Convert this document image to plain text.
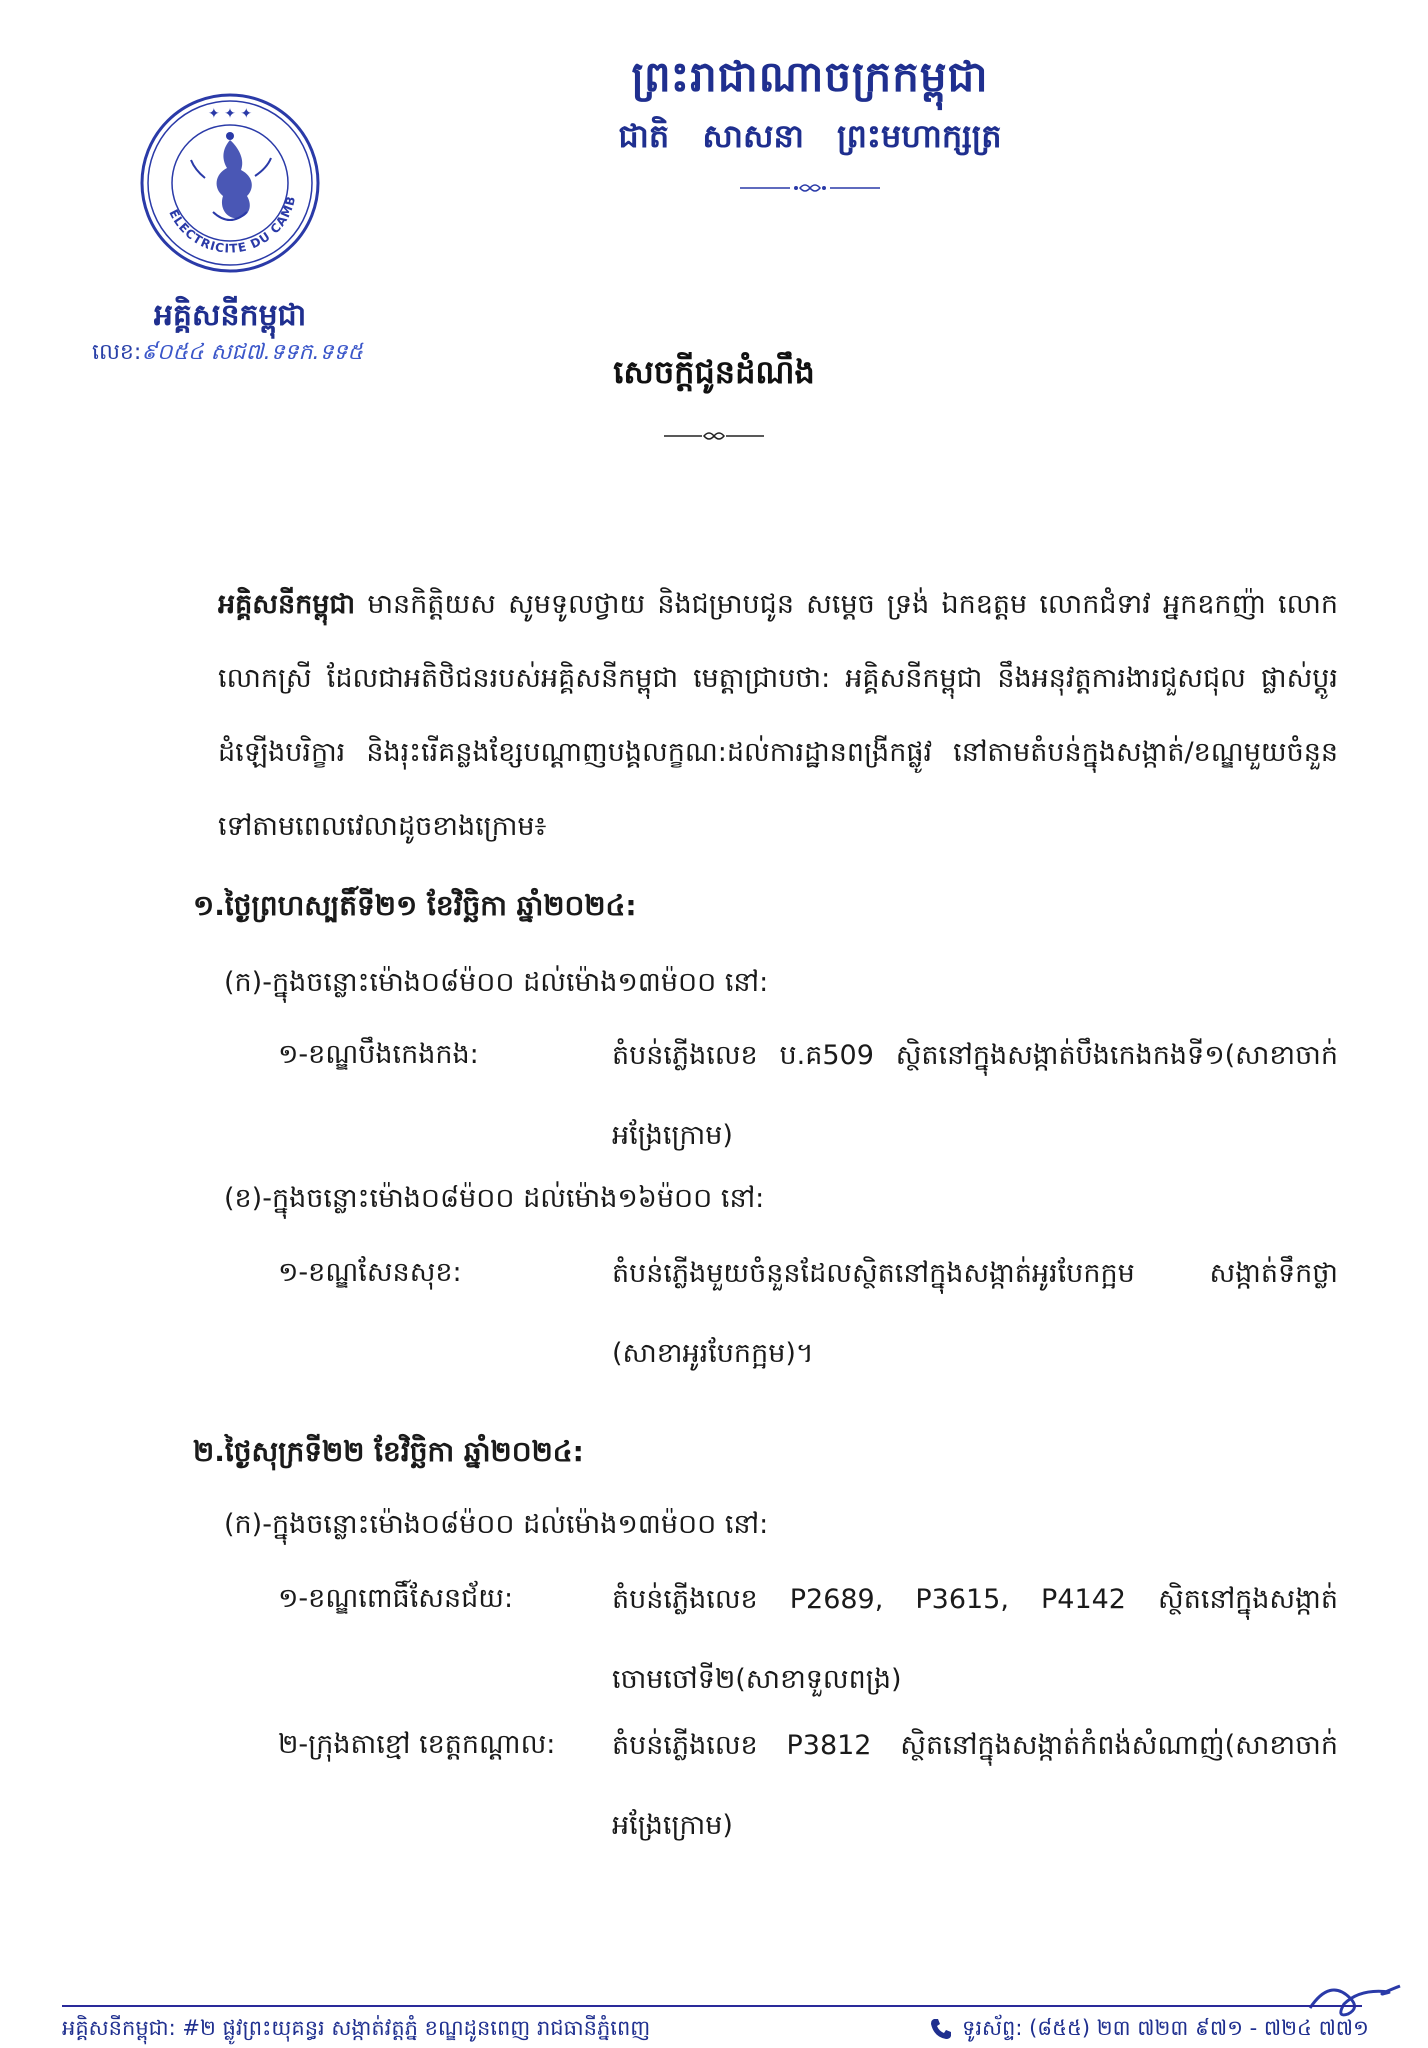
ELECTRICITE DU CAMB
✦ ✦ ✦
អគ្គិសនីកម្ពុជា
លេខ:៩០៥៤ សជ៧.ទទក.ទទ៥
ព្រះរាជាណាចក្រកម្ពុជា
ជាតិ សាសនា ព្រះមហាក្សត្រ
សេចក្តីជូនដំណឹង
អគ្គិសនីកម្ពុជា មានកិត្តិយស សូមទូលថ្វាយ និងជម្រាបជូន សម្តេច ទ្រង់ ឯកឧត្តម លោកជំទាវ អ្នកឧកញ៉ា លោក លោកស្រី ដែលជាអតិថិជនរបស់អគ្គិសនីកម្ពុជា មេត្តាជ្រាបថា: អគ្គិសនីកម្ពុជា នឹងអនុវត្តការងារជួសជុល ផ្លាស់ប្តូរដំឡើងបរិក្ខារ និងរុះរើគន្លងខ្សែបណ្តាញបង្គលក្ខណ:ដល់ការដ្ឋានពង្រីកផ្លូវ នៅតាមតំបន់ក្នុងសង្កាត់/ខណ្ឌមួយចំនួនទៅតាមពេលវេលាដូចខាងក្រោម៖
១.ថ្ងៃព្រហស្បតិ៍ទី២១ ខែវិច្ឆិកា ឆ្នាំ២០២៤:
(ក)-ក្នុងចន្លោះម៉ោង០៨ម៉០០ ដល់ម៉ោង១៣ម៉០០ នៅ:
១-ខណ្ឌបឹងកេងកង:	តំបន់ភ្លើងលេខ ប.គ509 ស្ថិតនៅក្នុងសង្កាត់បឹងកេងកងទី១(សាខាចាក់អង្រែក្រោម)
(ខ)-ក្នុងចន្លោះម៉ោង០៨ម៉០០ ដល់ម៉ោង១៦ម៉០០ នៅ:
១-ខណ្ឌសែនសុខ:	តំបន់ភ្លើងមួយចំនួនដែលស្ថិតនៅក្នុងសង្កាត់អូរបែកក្អម សង្កាត់ទឹកថ្លា (សាខាអូរបែកក្អម)។
២.ថ្ងៃសុក្រទី២២ ខែវិច្ឆិកា ឆ្នាំ២០២៤:
(ក)-ក្នុងចន្លោះម៉ោង០៨ម៉០០ ដល់ម៉ោង១៣ម៉០០ នៅ:
១-ខណ្ឌពោធិ៍សែនជ័យ:	តំបន់ភ្លើងលេខ P2689, P3615, P4142 ស្ថិតនៅក្នុងសង្កាត់ចោមចៅទី២(សាខាទួលពង្រ)
២-ក្រុងតាខ្មៅ ខេត្តកណ្តាល: តំបន់ភ្លើងលេខ P3812 ស្ថិតនៅក្នុងសង្កាត់កំពង់សំណាញ់(សាខាចាក់អង្រែក្រោម)
អគ្គិសនីកម្ពុជា: #២ ផ្លូវព្រះយុគន្ធរ សង្កាត់វត្តភ្នំ ខណ្ឌដូនពេញ រាជធានីភ្នំពេញ	ទូរស័ព្ទ: (៨៥៥) ២៣ ៧២៣ ៩៧១ - ៧២៤ ៧៧១
